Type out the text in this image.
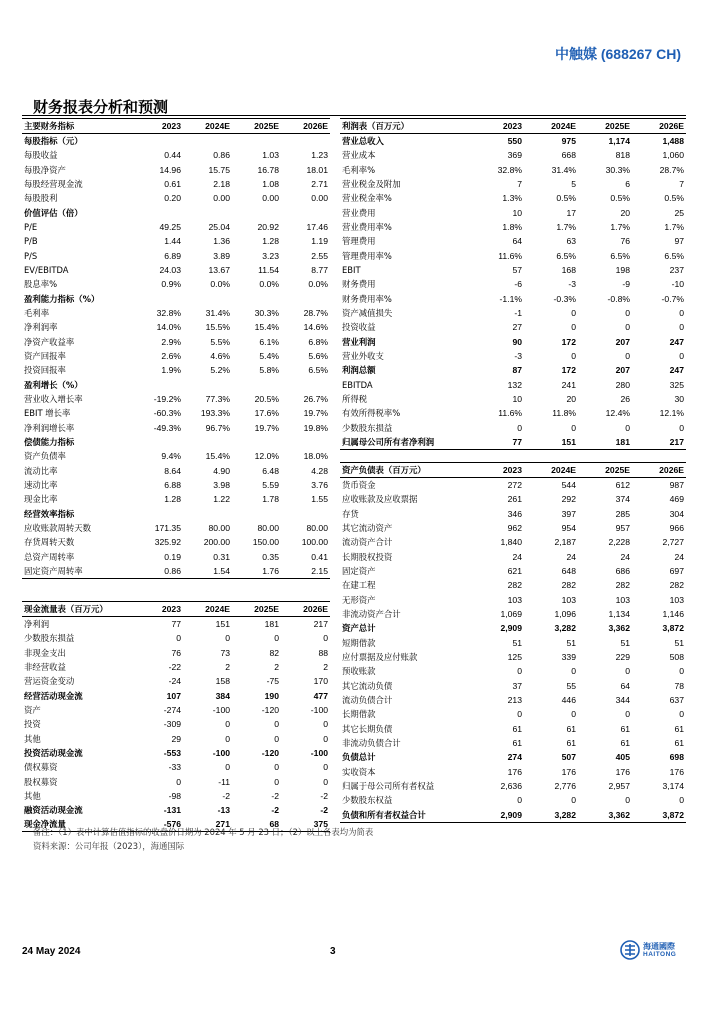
中触媒 (688267 CH)
财务报表分析和预测
主要财务指标	2023	2024E	2025E	2026E
每股指标（元）				
每股收益	0.44	0.86	1.03	1.23
每股净资产	14.96	15.75	16.78	18.01
每股经营现金流	0.61	2.18	1.08	2.71
每股股利	0.20	0.00	0.00	0.00
价值评估（倍）				
P/E	49.25	25.04	20.92	17.46
P/B	1.44	1.36	1.28	1.19
P/S	6.89	3.89	3.23	2.55
EV/EBITDA	24.03	13.67	11.54	8.77
股息率%	0.9%	0.0%	0.0%	0.0%
盈利能力指标（%）				
毛利率	32.8%	31.4%	30.3%	28.7%
净利润率	14.0%	15.5%	15.4%	14.6%
净资产收益率	2.9%	5.5%	6.1%	6.8%
资产回报率	2.6%	4.6%	5.4%	5.6%
投资回报率	1.9%	5.2%	5.8%	6.5%
盈利增长（%）				
营业收入增长率	-19.2%	77.3%	20.5%	26.7%
EBIT 增长率	-60.3%	193.3%	17.6%	19.7%
净利润增长率	-49.3%	96.7%	19.7%	19.8%
偿债能力指标				
资产负债率	9.4%	15.4%	12.0%	18.0%
流动比率	8.64	4.90	6.48	4.28
速动比率	6.88	3.98	5.59	3.76
现金比率	1.28	1.22	1.78	1.55
经营效率指标				
应收账款周转天数	171.35	80.00	80.00	80.00
存货周转天数	325.92	200.00	150.00	100.00
总资产周转率	0.19	0.31	0.35	0.41
固定资产周转率	0.86	1.54	1.76	2.15
利润表（百万元）	2023	2024E	2025E	2026E
营业总收入	550	975	1,174	1,488
营业成本	369	668	818	1,060
毛利率%	32.8%	31.4%	30.3%	28.7%
营业税金及附加	7	5	6	7
营业税金率%	1.3%	0.5%	0.5%	0.5%
营业费用	10	17	20	25
营业费用率%	1.8%	1.7%	1.7%	1.7%
管理费用	64	63	76	97
管理费用率%	11.6%	6.5%	6.5%	6.5%
EBIT	57	168	198	237
财务费用	-6	-3	-9	-10
财务费用率%	-1.1%	-0.3%	-0.8%	-0.7%
资产减值损失	-1	0	0	0
投资收益	27	0	0	0
营业利润	90	172	207	247
营业外收支	-3	0	0	0
利润总额	87	172	207	247
EBITDA	132	241	280	325
所得税	10	20	26	30
有效所得税率%	11.6%	11.8%	12.4%	12.1%
少数股东损益	0	0	0	0
归属母公司所有者净利润	77	151	181	217
资产负债表（百万元）	2023	2024E	2025E	2026E
货币资金	272	544	612	987
应收账款及应收票据	261	292	374	469
存货	346	397	285	304
其它流动资产	962	954	957	966
流动资产合计	1,840	2,187	2,228	2,727
长期股权投资	24	24	24	24
固定资产	621	648	686	697
在建工程	282	282	282	282
无形资产	103	103	103	103
非流动资产合计	1,069	1,096	1,134	1,146
资产总计	2,909	3,282	3,362	3,872
短期借款	51	51	51	51
应付票据及应付账款	125	339	229	508
预收账款	0	0	0	0
其它流动负债	37	55	64	78
流动负债合计	213	446	344	637
长期借款	0	0	0	0
其它长期负债	61	61	61	61
非流动负债合计	61	61	61	61
负债总计	274	507	405	698
实收资本	176	176	176	176
归属于母公司所有者权益	2,636	2,776	2,957	3,174
少数股东权益	0	0	0	0
负债和所有者权益合计	2,909	3,282	3,362	3,872
现金流量表（百万元）	2023	2024E	2025E	2026E
净利润	77	151	181	217
少数股东损益	0	0	0	0
非现金支出	76	73	82	88
非经营收益	-22	2	2	2
营运资金变动	-24	158	-75	170
经营活动现金流	107	384	190	477
资产	-274	-100	-120	-100
投资	-309	0	0	0
其他	29	0	0	0
投资活动现金流	-553	-100	-120	-100
债权募资	-33	0	0	0
股权募资	0	-11	0	0
其他	-98	-2	-2	-2
融资活动现金流	-131	-13	-2	-2
现金净流量	-576	271	68	375
备注：（1）表中计算估值指标的收盘价日期为 2024 年 5 月 23 日；（2）以上各表均为简表
资料来源：公司年报（2023），海通国际
24 May 2024	3	海通國際
HAITONG
